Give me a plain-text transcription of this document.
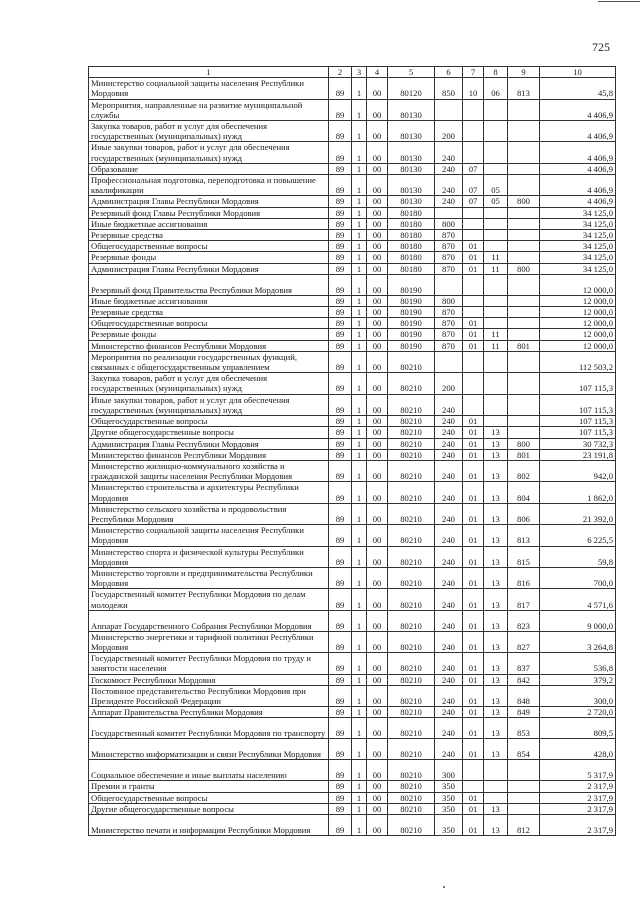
725
1	2	3	4	5	6	7	8	9	10
Министерство социальной защиты населения Республики Мордовия	89	1	00	80120	850	10	06	813	45,8
Мероприятия, направленные на развитие муниципальной службы	89	1	00	80130					4 406,9
Закупка товаров, работ и услуг для обеспечения государственных (муниципальных) нужд	89	1	00	80130	200				4 406,9
Иные закупки товаров, работ и услуг для обеспечения государственных (муниципальных) нужд	89	1	00	80130	240				4 406,9
Образование	89	1	00	80130	240	07			4 406,9
Профессиональная подготовка, переподготовка и повышение квалификации	89	1	00	80130	240	07	05		4 406,9
Администрация Главы Республики Мордовия	89	1	00	80130	240	07	05	800	4 406,9
Резервный фонд Главы Республики Мордовия	89	1	00	80180					34 125,0
Иные бюджетные ассигнования	89	1	00	80180	800				34 125,0
Резервные средства	89	1	00	80180	870				34 125,0
Общегосударственные вопросы	89	1	00	80180	870	01			34 125,0
Резервные фонды	89	1	00	80180	870	01	11		34 125,0
Администрация Главы Республики Мордовия	89	1	00	80180	870	01	11	800	34 125,0
Резервный фонд Правительства Республики Мордовия	89	1	00	80190					12 000,0
Иные бюджетные ассигнования	89	1	00	80190	800				12 000,0
Резервные средства	89	1	00	80190	870				12 000,0
Общегосударственные вопросы	89	1	00	80190	870	01			12 000,0
Резервные фонды	89	1	00	80190	870	01	11		12 000,0
Министерство финансов Республики Мордовия	89	1	00	80190	870	01	11	801	12 000,0
Мероприятия по реализации государственных функций, связанных с общегосударственным управлением	89	1	00	80210					112 503,2
Закупка товаров, работ и услуг для обеспечения государственных (муниципальных) нужд	89	1	00	80210	200				107 115,3
Иные закупки товаров, работ и услуг для обеспечения государственных (муниципальных) нужд	89	1	00	80210	240				107 115,3
Общегосударственные вопросы	89	1	00	80210	240	01			107 115,3
Другие общегосударственные вопросы	89	1	00	80210	240	01	13		107 115,3
Администрация Главы Республики Мордовия	89	1	00	80210	240	01	13	800	30 732,3
Министерство финансов Республики Мордовия	89	1	00	80210	240	01	13	801	23 191,8
Министерство жилищно-коммунального хозяйства и гражданской защиты населения Республики Мордовия	89	1	00	80210	240	01	13	802	942,0
Министерство строительства и архитектуры Республики Мордовия	89	1	00	80210	240	01	13	804	1 862,0
Министерство сельского хозяйства и продовольствия Республики Мордовия	89	1	00	80210	240	01	13	806	21 392,0
Министерство социальной защиты населения Республики Мордовия	89	1	00	80210	240	01	13	813	6 225,5
Министерство спорта и физической культуры Республики Мордовия	89	1	00	80210	240	01	13	815	59,8
Министерство торговли и предпринимательства Республики Мордовия	89	1	00	80210	240	01	13	816	700,0
Государственный комитет Республики Мордовия по делам молодежи	89	1	00	80210	240	01	13	817	4 571,6
Аппарат Государственного Собрания Республики Мордовия	89	1	00	80210	240	01	13	823	9 000,0
Министерство энергетики и тарифной политики Республики Мордовия	89	1	00	80210	240	01	13	827	3 264,8
Государственный комитет Республики Мордовия по труду и занятости населения	89	1	00	80210	240	01	13	837	536,8
Госкомюст Республики Мордовия	89	1	00	80210	240	01	13	842	379,2
Постоянное представительство Республики Мордовия при Президенте Российской Федерации	89	1	00	80210	240	01	13	848	300,0
Аппарат Правительства Республики Мордовия	89	1	00	80210	240	01	13	849	2 720,0
Государственный комитет Республики Мордовия по транспорту	89	1	00	80210	240	01	13	853	809,5
Министерство информатизации и связи Республики Мордовия	89	1	00	80210	240	01	13	854	428,0
Социальное обеспечение и иные выплаты населению	89	1	00	80210	300				5 317,9
Премии и гранты	89	1	00	80210	350				2 317,9
Общегосударственные вопросы	89	1	00	80210	350	01			2 317,9
Другие общегосударственные вопросы	89	1	00	80210	350	01	13		2 317,9
Министерство печати и информации Республики Мордовия	89	1	00	80210	350	01	13	812	2 317,9
